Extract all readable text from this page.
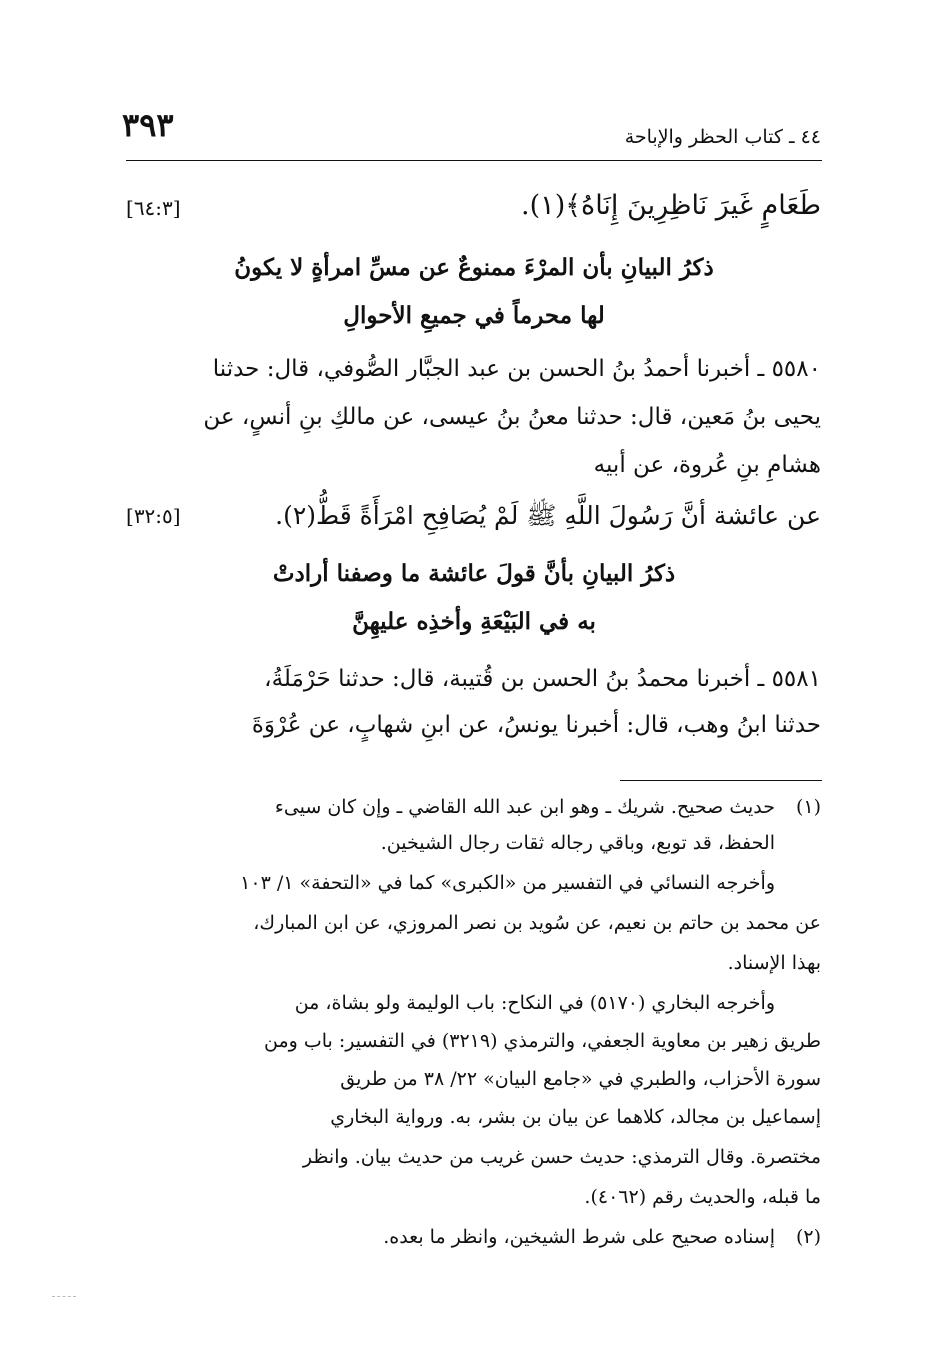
٣٩٣	٤٤ ـ كتاب الحظر والإباحة
طَعَامٍ غَيرَ نَاظِرِينَ إِنَاهُ﴾(١).
[٦٤:٣]
ذكرُ البيانِ بأن المرْءَ ممنوعٌ عن مسِّ امرأةٍ لا يكونُ
لها محرماً في جميعِ الأحوالِ
٥٥٨٠ ـ أخبرنا أحمدُ بنُ الحسن بن عبد الجبَّار الصُّوفي، قال: حدثنا
يحيى بنُ مَعين، قال: حدثنا معنُ بنُ عيسى، عن مالكِ بنِ أنسٍ، عن
هشامِ بنِ عُروة، عن أبيه
عن عائشة أنَّ رَسُولَ اللَّهِ ﷺ لَمْ يُصَافِحِ امْرَأَةً قَطُّ(٢).
[٣٢:٥]
ذكرُ البيانِ بأنَّ قولَ عائشة ما وصفنا أرادتْ
به في البَيْعَةِ وأخذِه عليهِنَّ
٥٥٨١ ـ أخبرنا محمدُ بنُ الحسن بن قُتيبة، قال: حدثنا حَرْمَلَةُ،
حدثنا ابنُ وهب، قال: أخبرنا يونسُ، عن ابنِ شهابٍ، عن عُرْوَةَ
(١)
حديث صحيح. شريك ـ وهو ابن عبد الله القاضي ـ وإن كان سيىء
الحفظ، قد توبع، وباقي رجاله ثقات رجال الشيخين.
وأخرجه النسائي في التفسير من «الكبرى» كما في «التحفة» ١/ ١٠٣
عن محمد بن حاتم بن نعيم، عن سُويد بن نصر المروزي، عن ابن المبارك،
بهذا الإسناد.
وأخرجه البخاري (٥١٧٠) في النكاح: باب الوليمة ولو بشاة، من
طريق زهير بن معاوية الجعفي، والترمذي (٣٢١٩) في التفسير: باب ومن
سورة الأحزاب، والطبري في «جامع البيان» ٢٢/ ٣٨ من طريق
إسماعيل بن مجالد، كلاهما عن بيان بن بشر، به. ورواية البخاري
مختصرة. وقال الترمذي: حديث حسن غريب من حديث بيان. وانظر
ما قبله، والحديث رقم (٤٠٦٢).
(٢)
إسناده صحيح على شرط الشيخين، وانظر ما بعده.
